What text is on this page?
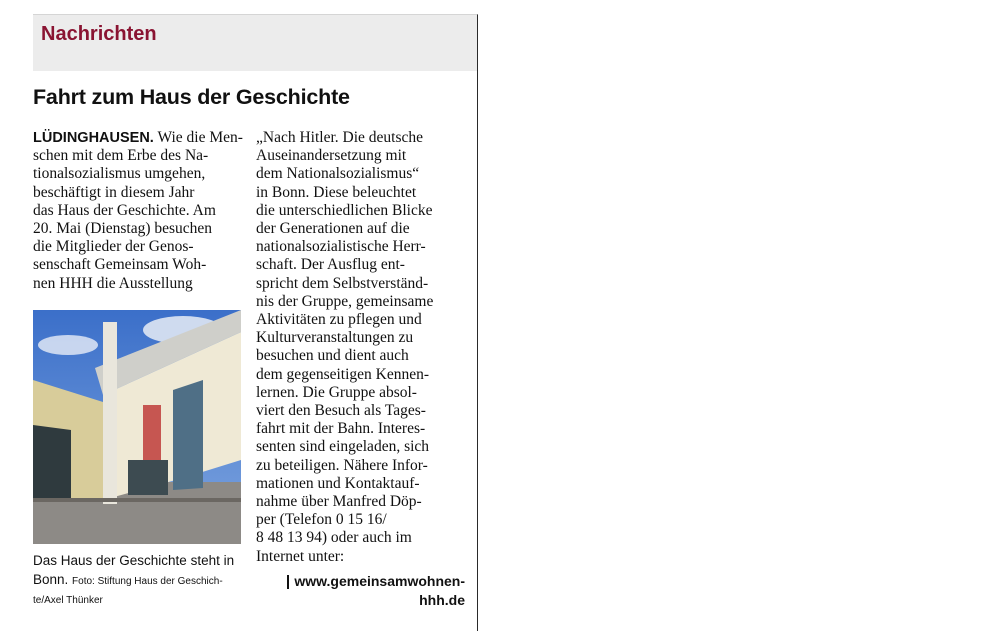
Nachrichten
Fahrt zum Haus der Geschichte
LÜDINGHAUSEN. Wie die Men-
schen mit dem Erbe des Na-
tionalsozialismus umgehen,
beschäftigt in diesem Jahr
das Haus der Geschichte. Am
20. Mai (Dienstag) besuchen
die Mitglieder der Genos-
senschaft Gemeinsam Woh-
nen HHH die Ausstellung
Das Haus der Geschichte steht in
Bonn. Foto: Stiftung Haus der Geschich-
te/Axel Thünker
„Nach Hitler. Die deutsche
Auseinandersetzung mit
dem Nationalsozialismus“
in Bonn. Diese beleuchtet
die unterschiedlichen Blicke
der Generationen auf die
nationalsozialistische Herr-
schaft. Der Ausflug ent-
spricht dem Selbstverständ-
nis der Gruppe, gemeinsame
Aktivitäten zu pflegen und
Kulturveranstaltungen zu
besuchen und dient auch
dem gegenseitigen Kennen-
lernen. Die Gruppe absol-
viert den Besuch als Tages-
fahrt mit der Bahn. Interes-
senten sind eingeladen, sich
zu beteiligen. Nähere Infor-
mationen und Kontaktauf-
nahme über Manfred Döp-
per (Telefon 0 15 16/
8 48 13 94) oder auch im
Internet unter:
www.gemeinsamwohnen-
hhh.de
